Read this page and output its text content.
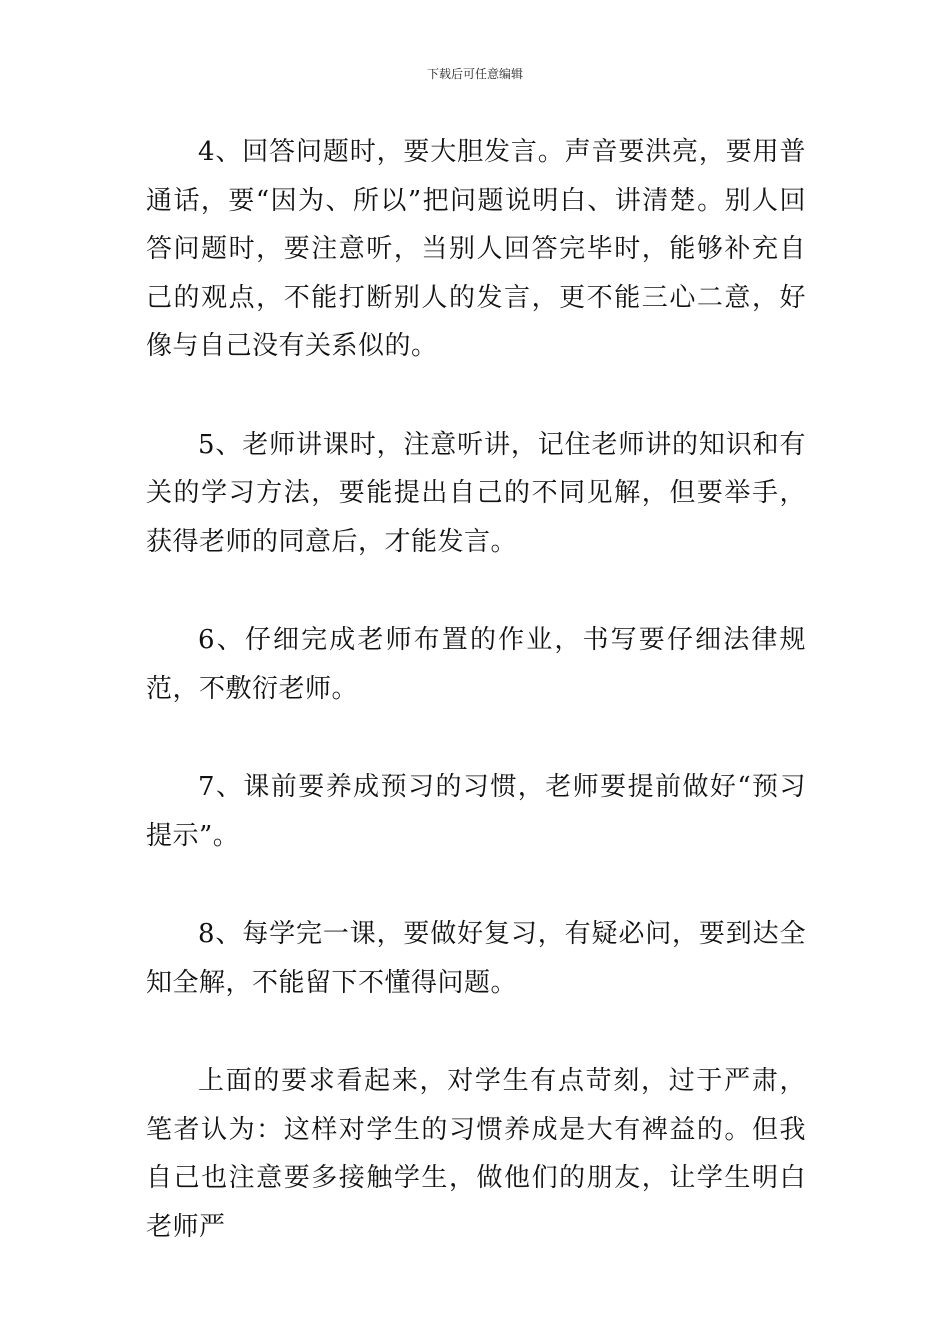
下载后可任意编辑

4、回答问题时，要大胆发言。声音要洪亮，要用普通话，要“因为、所以”把问题说明白、讲清楚。别人回答问题时，要注意听，当别人回答完毕时，能够补充自己的观点，不能打断别人的发言，更不能三心二意，好像与自己没有关系似的。

5、老师讲课时，注意听讲，记住老师讲的知识和有关的学习方法，要能提出自己的不同见解，但要举手，获得老师的同意后，才能发言。

6、仔细完成老师布置的作业，书写要仔细法律规范，不敷衍老师。

7、课前要养成预习的习惯，老师要提前做好“预习提示”。

8、每学完一课，要做好复习，有疑必问，要到达全知全解，不能留下不懂得问题。

上面的要求看起来，对学生有点苛刻，过于严肃，笔者认为：这样对学生的习惯养成是大有裨益的。但我自己也注意要多接触学生，做他们的朋友，让学生明白老师严
